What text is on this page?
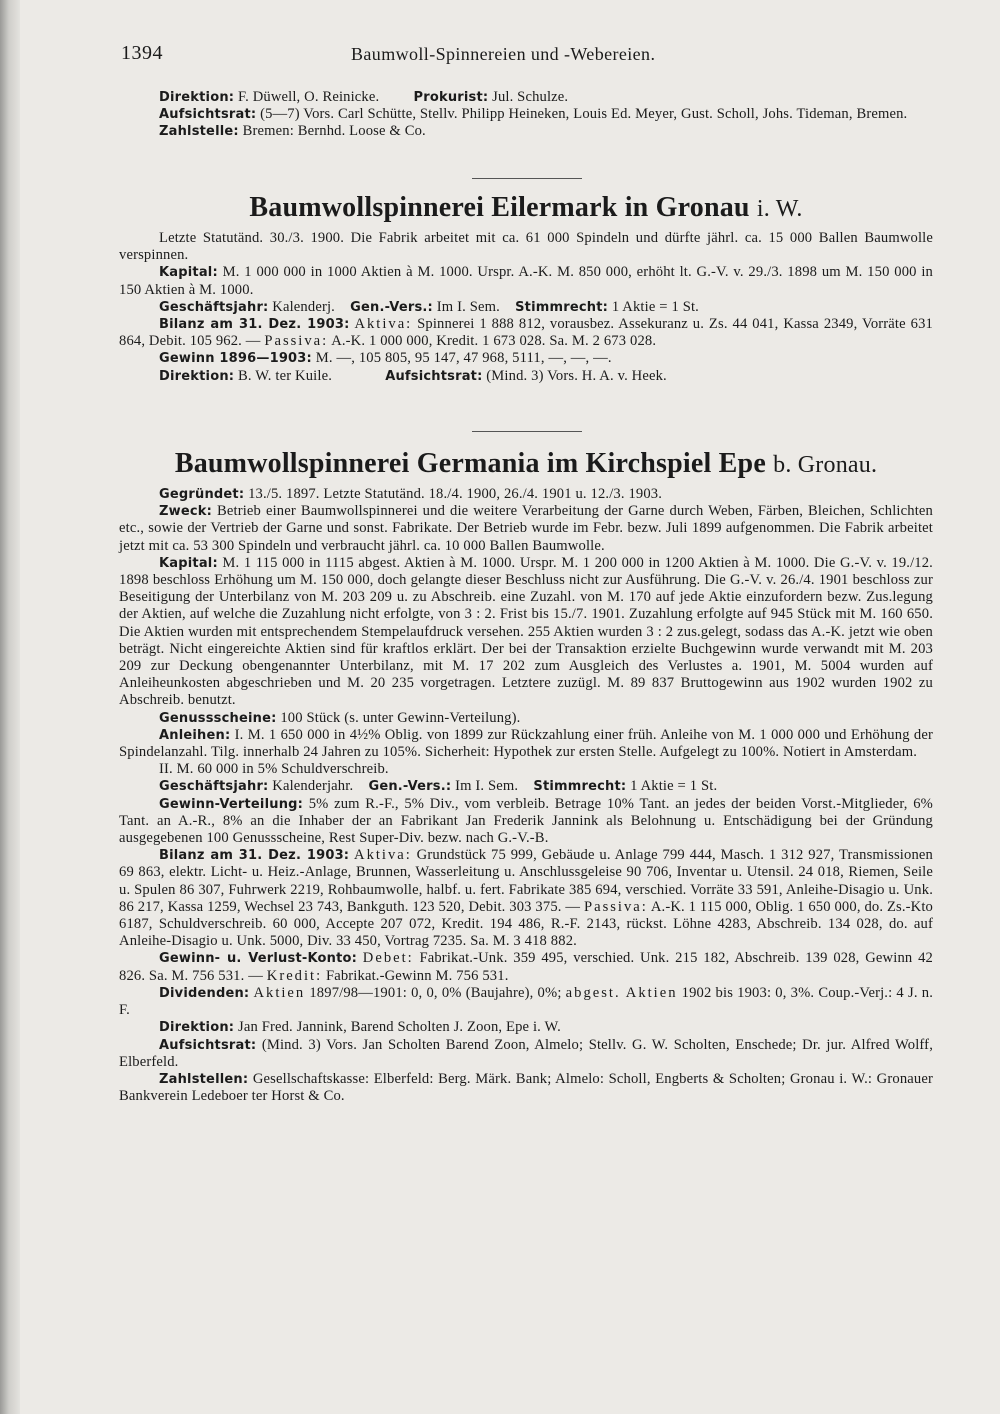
1394	Baumwoll-Spinnereien und -Webereien.

Direktion: F. Düwell, O. Reinicke.	Prokurist: Jul. Schulze.

Aufsichtsrat: (5—7) Vors. Carl Schütte, Stellv. Philipp Heineken, Louis Ed. Meyer, Gust. Scholl, Johs. Tideman, Bremen.

Zahlstelle: Bremen: Bernhd. Loose & Co.

Baumwollspinnerei Eilermark in Gronau i. W.

Letzte Statutänd. 30./3. 1900. Die Fabrik arbeitet mit ca. 61 000 Spindeln und dürfte jährl. ca. 15 000 Ballen Baumwolle verspinnen.

Kapital: M. 1 000 000 in 1000 Aktien à M. 1000. Urspr. A.-K. M. 850 000, erhöht lt. G.-V. v. 29./3. 1898 um M. 150 000 in 150 Aktien à M. 1000.

Geschäftsjahr: Kalenderj. Gen.-Vers.: Im I. Sem. Stimmrecht: 1 Aktie = 1 St.

Bilanz am 31. Dez. 1903: Aktiva: Spinnerei 1 888 812, vorausbez. Assekuranz u. Zs. 44 041, Kassa 2349, Vorräte 631 864, Debit. 105 962. — Passiva: A.-K. 1 000 000, Kredit. 1 673 028. Sa. M. 2 673 028.

Gewinn 1896—1903: M. —, 105 805, 95 147, 47 968, 5111, —, —, —.

Direktion: B. W. ter Kuile.	Aufsichtsrat: (Mind. 3) Vors. H. A. v. Heek.

Baumwollspinnerei Germania im Kirchspiel Epe b. Gronau.

Gegründet: 13./5. 1897. Letzte Statutänd. 18./4. 1900, 26./4. 1901 u. 12./3. 1903.

Zweck: Betrieb einer Baumwollspinnerei und die weitere Verarbeitung der Garne durch Weben, Färben, Bleichen, Schlichten etc., sowie der Vertrieb der Garne und sonst. Fabrikate. Der Betrieb wurde im Febr. bezw. Juli 1899 aufgenommen. Die Fabrik arbeitet jetzt mit ca. 53 300 Spindeln und verbraucht jährl. ca. 10 000 Ballen Baumwolle.

Kapital: M. 1 115 000 in 1115 abgest. Aktien à M. 1000. Urspr. M. 1 200 000 in 1200 Aktien à M. 1000. Die G.-V. v. 19./12. 1898 beschloss Erhöhung um M. 150 000, doch gelangte dieser Beschluss nicht zur Ausführung. Die G.-V. v. 26./4. 1901 beschloss zur Beseitigung der Unterbilanz von M. 203 209 u. zu Abschreib. eine Zuzahl. von M. 170 auf jede Aktie einzufordern bezw. Zus.legung der Aktien, auf welche die Zuzahlung nicht erfolgte, von 3 : 2. Frist bis 15./7. 1901. Zuzahlung erfolgte auf 945 Stück mit M. 160 650. Die Aktien wurden mit entsprechendem Stempelaufdruck versehen. 255 Aktien wurden 3 : 2 zus.gelegt, sodass das A.-K. jetzt wie oben beträgt. Nicht eingereichte Aktien sind für kraftlos erklärt. Der bei der Transaktion erzielte Buchgewinn wurde verwandt mit M. 203 209 zur Deckung obengenannter Unterbilanz, mit M. 17 202 zum Ausgleich des Verlustes a. 1901, M. 5004 wurden auf Anleiheunkosten abgeschrieben und M. 20 235 vorgetragen. Letztere zuzügl. M. 89 837 Bruttogewinn aus 1902 wurden 1902 zu Abschreib. benutzt.

Genussscheine: 100 Stück (s. unter Gewinn-Verteilung).

Anleihen: I. M. 1 650 000 in 4½% Oblig. von 1899 zur Rückzahlung einer früh. Anleihe von M. 1 000 000 und Erhöhung der Spindelanzahl. Tilg. innerhalb 24 Jahren zu 105%. Sicherheit: Hypothek zur ersten Stelle. Aufgelegt zu 100%. Notiert in Amsterdam.

II. M. 60 000 in 5% Schuldverschreib.

Geschäftsjahr: Kalenderjahr. Gen.-Vers.: Im I. Sem. Stimmrecht: 1 Aktie = 1 St.

Gewinn-Verteilung: 5% zum R.-F., 5% Div., vom verbleib. Betrage 10% Tant. an jedes der beiden Vorst.-Mitglieder, 6% Tant. an A.-R., 8% an die Inhaber der an Fabrikant Jan Frederik Jannink als Belohnung u. Entschädigung bei der Gründung ausgegebenen 100 Genussscheine, Rest Super-Div. bezw. nach G.-V.-B.

Bilanz am 31. Dez. 1903: Aktiva: Grundstück 75 999, Gebäude u. Anlage 799 444, Masch. 1 312 927, Transmissionen 69 863, elektr. Licht- u. Heiz.-Anlage, Brunnen, Wasserleitung u. Anschlussgeleise 90 706, Inventar u. Utensil. 24 018, Riemen, Seile u. Spulen 86 307, Fuhrwerk 2219, Rohbaumwolle, halbf. u. fert. Fabrikate 385 694, verschied. Vorräte 33 591, Anleihe-Disagio u. Unk. 86 217, Kassa 1259, Wechsel 23 743, Bankguth. 123 520, Debit. 303 375. — Passiva: A.-K. 1 115 000, Oblig. 1 650 000, do. Zs.-Kto 6187, Schuldverschreib. 60 000, Accepte 207 072, Kredit. 194 486, R.-F. 2143, rückst. Löhne 4283, Abschreib. 134 028, do. auf Anleihe-Disagio u. Unk. 5000, Div. 33 450, Vortrag 7235. Sa. M. 3 418 882.

Gewinn- u. Verlust-Konto: Debet: Fabrikat.-Unk. 359 495, verschied. Unk. 215 182, Abschreib. 139 028, Gewinn 42 826. Sa. M. 756 531. — Kredit: Fabrikat.-Gewinn M. 756 531.

Dividenden: Aktien 1897/98—1901: 0, 0, 0% (Baujahre), 0%; abgest. Aktien 1902 bis 1903: 0, 3%. Coup.-Verj.: 4 J. n. F.

Direktion: Jan Fred. Jannink, Barend Scholten J. Zoon, Epe i. W.

Aufsichtsrat: (Mind. 3) Vors. Jan Scholten Barend Zoon, Almelo; Stellv. G. W. Scholten, Enschede; Dr. jur. Alfred Wolff, Elberfeld.

Zahlstellen: Gesellschaftskasse: Elberfeld: Berg. Märk. Bank; Almelo: Scholl, Engberts & Scholten; Gronau i. W.: Gronauer Bankverein Ledeboer ter Horst & Co.
